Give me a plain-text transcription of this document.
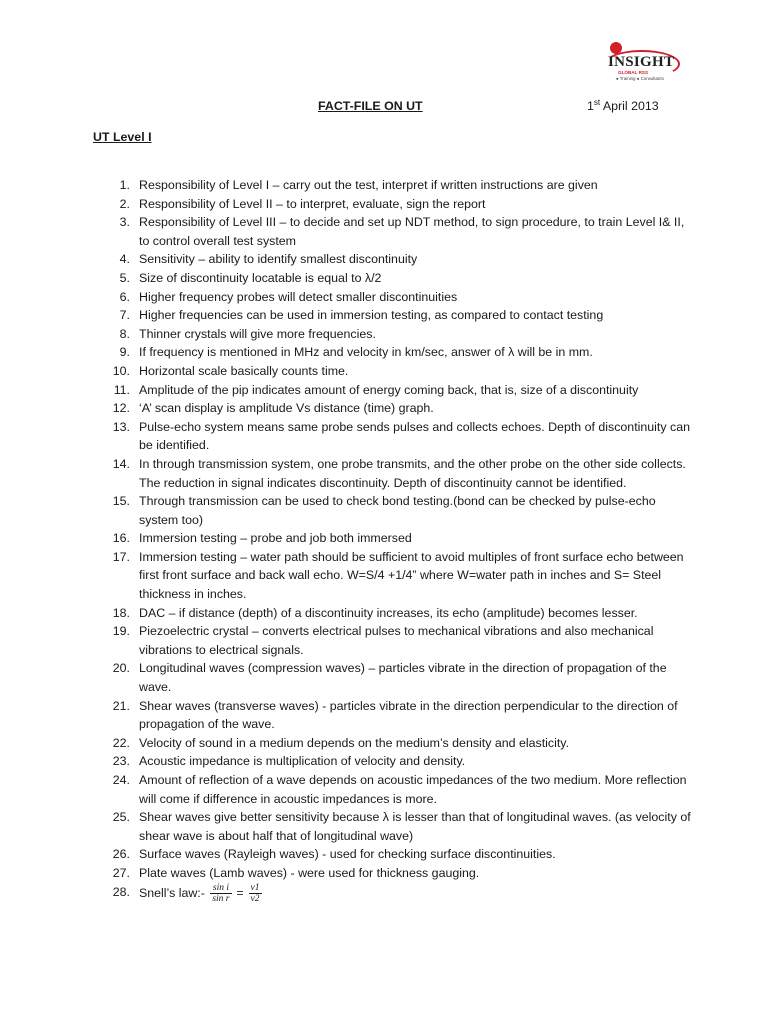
INSIGHT
GLOBAL RSS
● Training ● Consultants
FACT-FILE ON UT	1st April 2013
UT Level I
1. Responsibility of Level I – carry out the test, interpret if written instructions are given
2. Responsibility of Level II – to interpret, evaluate, sign the report
3. Responsibility of Level III – to decide and set up NDT method, to sign procedure, to train Level I& II, to control overall test system
4. Sensitivity – ability to identify smallest discontinuity
5. Size of discontinuity locatable is equal to λ/2
6. Higher frequency probes will detect smaller discontinuities
7. Higher frequencies can be used in immersion testing, as compared to contact testing
8. Thinner crystals will give more frequencies.
9. If frequency is mentioned in MHz and velocity in km/sec, answer of λ will be in mm.
10. Horizontal scale basically counts time.
11. Amplitude of the pip indicates amount of energy coming back, that is, size of a discontinuity
12. ‘A’ scan display is amplitude Vs distance (time) graph.
13. Pulse-echo system means same probe sends pulses and collects echoes. Depth of discontinuity can be identified.
14. In through transmission system, one probe transmits, and the other probe on the other side collects. The reduction in signal indicates discontinuity. Depth of discontinuity cannot be identified.
15. Through transmission can be used to check bond testing.(bond can be checked by pulse-echo system too)
16. Immersion testing – probe and job both immersed
17. Immersion testing – water path should be sufficient to avoid multiples of front surface echo between first front surface and back wall echo. W=S/4 +1/4” where W=water path in inches and S= Steel thickness in inches.
18. DAC – if distance (depth) of a discontinuity increases, its echo (amplitude) becomes lesser.
19. Piezoelectric crystal – converts electrical pulses to mechanical vibrations and also mechanical vibrations to electrical signals.
20. Longitudinal waves (compression waves) – particles vibrate in the direction of propagation of the wave.
21. Shear waves (transverse waves) - particles vibrate in the direction perpendicular to the direction of propagation of the wave.
22. Velocity of sound in a medium depends on the medium’s density and elasticity.
23. Acoustic impedance is multiplication of velocity and density.
24. Amount of reflection of a wave depends on acoustic impedances of the two medium. More reflection will come if difference in acoustic impedances is more.
25. Shear waves give better sensitivity because λ is lesser than that of longitudinal waves. (as velocity of shear wave is about half that of longitudinal wave)
26. Surface waves (Rayleigh waves) - used for checking surface discontinuities.
27. Plate waves (Lamb waves) - were used for thickness gauging.
28. Snell’s law:- $\frac{\text{sin i}}{\text{sin r}} = \frac{v1}{v2}$
